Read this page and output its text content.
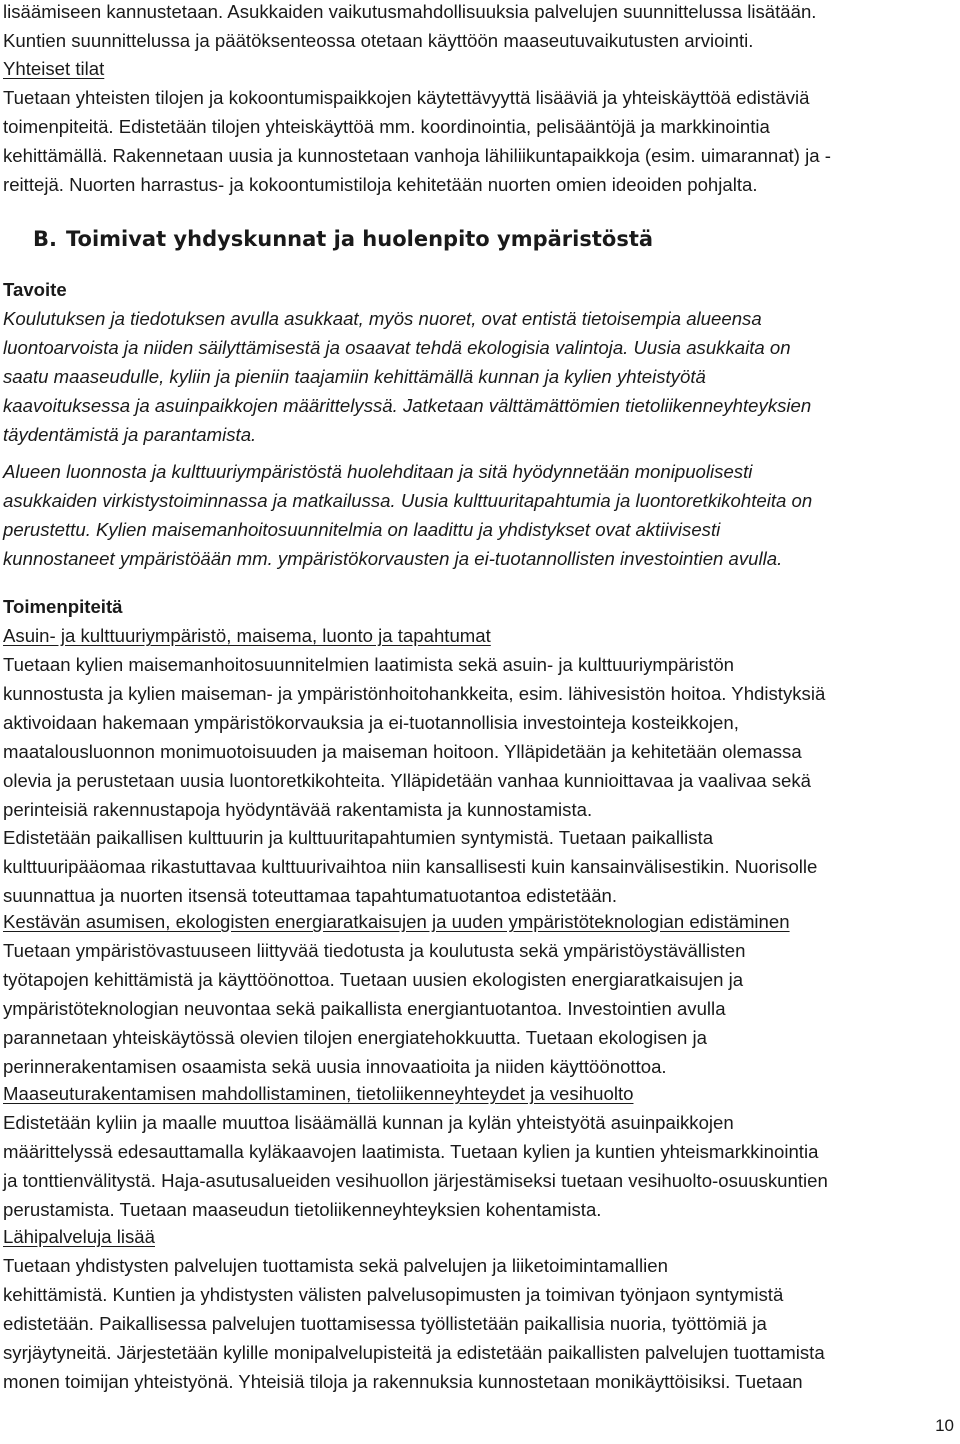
lisäämiseen kannustetaan. Asukkaiden vaikutusmahdollisuuksia palvelujen suunnittelussa lisätään.
Kuntien suunnittelussa ja päätöksenteossa otetaan käyttöön maaseutuvaikutusten arviointi.

Yhteiset tilat

Tuetaan yhteisten tilojen ja kokoontumispaikkojen käytettävyyttä lisääviä ja yhteiskäyttöä edistäviä
toimenpiteitä. Edistetään tilojen yhteiskäyttöä mm. koordinointia, pelisääntöjä ja markkinointia
kehittämällä. Rakennetaan uusia ja kunnostetaan vanhoja lähiliikuntapaikkoja (esim. uimarannat) ja -
reittejä. Nuorten harrastus- ja kokoontumistiloja kehitetään nuorten omien ideoiden pohjalta.

B. Toimivat yhdyskunnat ja huolenpito ympäristöstä

Tavoite

Koulutuksen ja tiedotuksen avulla asukkaat, myös nuoret, ovat entistä tietoisempia alueensa
luontoarvoista ja niiden säilyttämisestä ja osaavat tehdä ekologisia valintoja. Uusia asukkaita on
saatu maaseudulle, kyliin ja pieniin taajamiin kehittämällä kunnan ja kylien yhteistyötä
kaavoituksessa ja asuinpaikkojen määrittelyssä. Jatketaan välttämättömien tietoliikenneyhteyksien
täydentämistä ja parantamista.

Alueen luonnosta ja kulttuuriympäristöstä huolehditaan ja sitä hyödynnetään monipuolisesti
asukkaiden virkistystoiminnassa ja matkailussa. Uusia kulttuuritapahtumia ja luontoretkikohteita on
perustettu. Kylien maisemanhoitosuunnitelmia on laadittu ja yhdistykset ovat aktiivisesti
kunnostaneet ympäristöään mm. ympäristökorvausten ja ei-tuotannollisten investointien avulla.

Toimenpiteitä

Asuin- ja kulttuuriympäristö, maisema, luonto ja tapahtumat

Tuetaan kylien maisemanhoitosuunnitelmien laatimista sekä asuin- ja kulttuuriympäristön
kunnostusta ja kylien maiseman- ja ympäristönhoitohankkeita, esim. lähivesistön hoitoa. Yhdistyksiä
aktivoidaan hakemaan ympäristökorvauksia ja ei-tuotannollisia investointeja kosteikkojen,
maatalousluonnon monimuotoisuuden ja maiseman hoitoon. Ylläpidetään ja kehitetään olemassa
olevia ja perustetaan uusia luontoretkikohteita. Ylläpidetään vanhaa kunnioittavaa ja vaalivaa sekä
perinteisiä rakennustapoja hyödyntävää rakentamista ja kunnostamista.
Edistetään paikallisen kulttuurin ja kulttuuritapahtumien syntymistä. Tuetaan paikallista
kulttuuripääomaa rikastuttavaa kulttuurivaihtoa niin kansallisesti kuin kansainvälisestikin. Nuorisolle
suunnattua ja nuorten itsensä toteuttamaa tapahtumatuotantoa edistetään.

Kestävän asumisen, ekologisten energiaratkaisujen ja uuden ympäristöteknologian edistäminen

Tuetaan ympäristövastuuseen liittyvää tiedotusta ja koulutusta sekä ympäristöystävällisten
työtapojen kehittämistä ja käyttöönottoa. Tuetaan uusien ekologisten energiaratkaisujen ja
ympäristöteknologian neuvontaa sekä paikallista energiantuotantoa. Investointien avulla
parannetaan yhteiskäytössä olevien tilojen energiatehokkuutta. Tuetaan ekologisen ja
perinnerakentamisen osaamista sekä uusia innovaatioita ja niiden käyttöönottoa.

Maaseuturakentamisen mahdollistaminen, tietoliikenneyhteydet ja vesihuolto

Edistetään kyliin ja maalle muuttoa lisäämällä kunnan ja kylän yhteistyötä asuinpaikkojen
määrittelyssä edesauttamalla kyläkaavojen laatimista. Tuetaan kylien ja kuntien yhteismarkkinointia
ja tonttienvälitystä. Haja-asutusalueiden vesihuollon järjestämiseksi tuetaan vesihuolto-osuuskuntien
perustamista. Tuetaan maaseudun tietoliikenneyhteyksien kohentamista.

Lähipalveluja lisää

Tuetaan yhdistysten palvelujen tuottamista sekä palvelujen ja liiketoimintamallien
kehittämistä. Kuntien ja yhdistysten välisten palvelusopimusten ja toimivan työnjaon syntymistä
edistetään. Paikallisessa palvelujen tuottamisessa työllistetään paikallisia nuoria, työttömiä ja
syrjäytyneitä. Järjestetään kylille monipalvelupisteitä ja edistetään paikallisten palvelujen tuottamista
monen toimijan yhteistyönä. Yhteisiä tiloja ja rakennuksia kunnostetaan monikäyttöisiksi. Tuetaan

10
